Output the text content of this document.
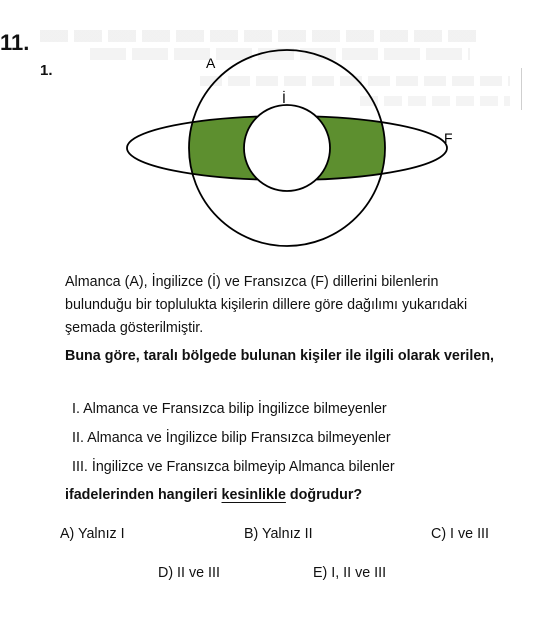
11.
1.	A
İ
F

Almanca (A), İngilizce (İ) ve Fransızca (F) dillerini bilenlerin bulunduğu bir toplulukta kişilerin dillere göre dağılımı yukarıdaki şemada gösterilmiştir.

Buna göre, taralı bölgede bulunan kişiler ile ilgili olarak verilen,

I. Almanca ve Fransızca bilip İngilizce bilmeyenler
II. Almanca ve İngilizce bilip Fransızca bilmeyenler
III. İngilizce ve Fransızca bilmeyip Almanca bilenler

ifadelerinden hangileri kesinlikle doğrudur?

A) Yalnız I	B) Yalnız II	C) I ve III
D) II ve III	E) I, II ve III
